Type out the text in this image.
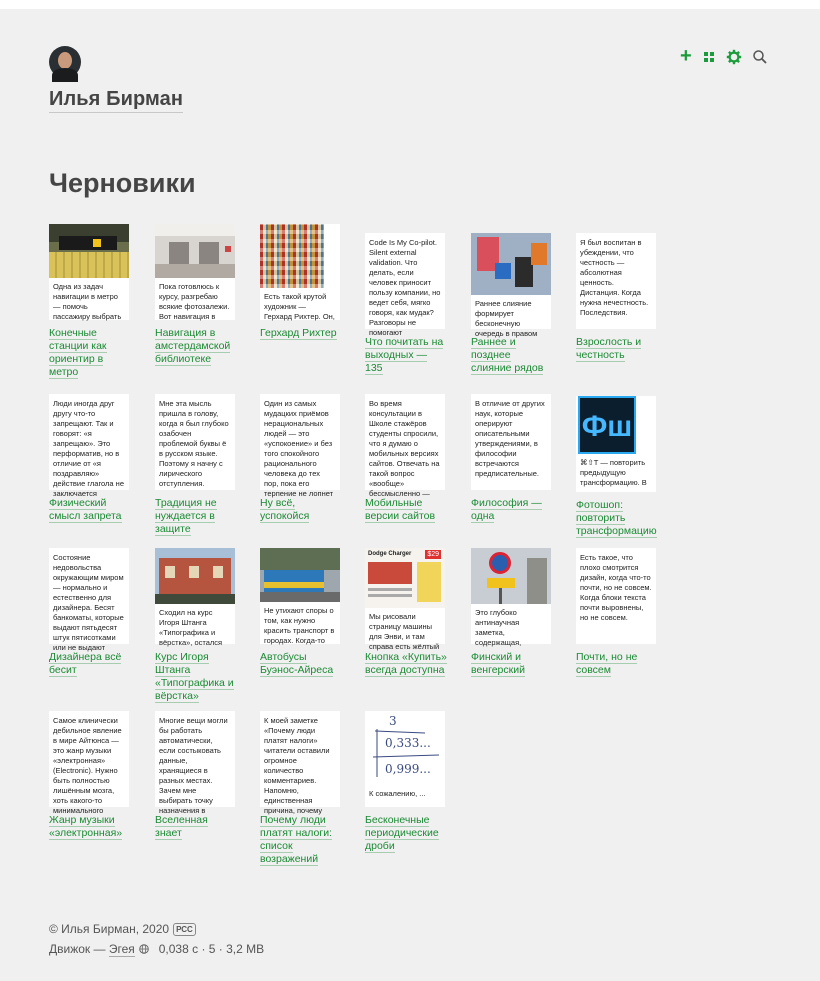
Илья Бирман
+
Черновики
Одна из задач навигации в метро — помочь пассажиру выбрать
Конечные станции как ориентир в метро
Пока готовлюсь к курсу, разгребаю всякие фотозалежи. Вот навигация в
Навигация в амстердамской библиотеке
Есть такой крутой художник — Герхард Рихтер. Он,
Герхард Рихтер
Code Is My Co-pilot. Silent external validation. Что делать, если человек приносит пользу компании, но ведет себя, мягко говоря, как мудак? Разговоры не помогают
Что почитать на выходных — 135
Раннее слияние формирует бесконечную очередь в правом
Раннее и позднее слияние рядов
Я был воспитан в убеждении, что честность — абсолютная ценность. Дистанция. Когда нужна нечестность. Последствия.
Взрослость и честность
Люди иногда друг другу что-то запрещают. Так и говорят: «я запрещаю». Это перформатив, но в отличие от «я поздравляю» действие глагола не заключается
Физический смысл запрета
Мне эта мысль пришла в голову, когда я был глубоко озабочен проблемой буквы ё в русском языке. Поэтому я начну с лирического отступления.
Традиция не нуждается в защите
Один из самых мудацких приёмов нерациональных людей — это «успокоение» и без того спокойного рационального человека до тех пор, пока его терпение не лопнет
Ну всё, успокойся
Во время консультации в Школе стажёров студенты спросили, что я думаю о мобильных версиях сайтов. Отвечать на такой вопрос «вообще» бессмысленно —
Мобильные версии сайтов
В отличие от других наук, которые оперируют описательными утверждениями, в философии встречаются предписательные.
Философия — одна
Фш
⌘⇧T — повторить предыдущую трансформацию. В
Фотошоп: повторить трансформацию
Состояние недовольства окружающим миром — нормально и естественно для дизайнера. Бесят банкоматы, которые выдают пятьдесят штук пятисотками или не выдают
Дизайнера всё бесит
Сходил на курс Игоря Штанга «Типографика и вёрстка», остался
Курс Игоря Штанга «Типографика и вёрстка»
Не утихают споры о том, как нужно красить транспорт в городах. Когда-то
Автобусы Буэнос-Айреса
Dodge Charger $29
Мы рисовали страницу машины для Энви, и там справа есть жёлтый
Кнопка «Купить» всегда доступна
Это глубоко антинаучная заметка, содержащая,
Финский и венгерский
Есть такое, что плохо смотрится дизайн, когда что-то почти, но не совсем. Когда блоки текста почти выровнены, но не совсем.
Почти, но не совсем
Самое клинически дебильное явление в мире Айтюнса — это жанр музыки «электронная» (Electronic). Нужно быть полностью лишённым мозга, хоть какого-то минимального
Жанр музыки «электронная»
Многие вещи могли бы работать автоматически, если состыковать данные, хранящиеся в разных местах. Зачем мне выбирать точку назначения в
Вселенная знает
К моей заметке «Почему люди платят налоги» читатели оставили огромное количество комментариев. Напомню, единственная причина, почему
Почему люди платят налоги: список возражений
3
0,333...
0,999...
К сожалению, ...
Бесконечные периодические дроби
© Илья Бирман, 2020 РСС
Движок — Эгея 0,038 с · 5 · 3,2 MB
